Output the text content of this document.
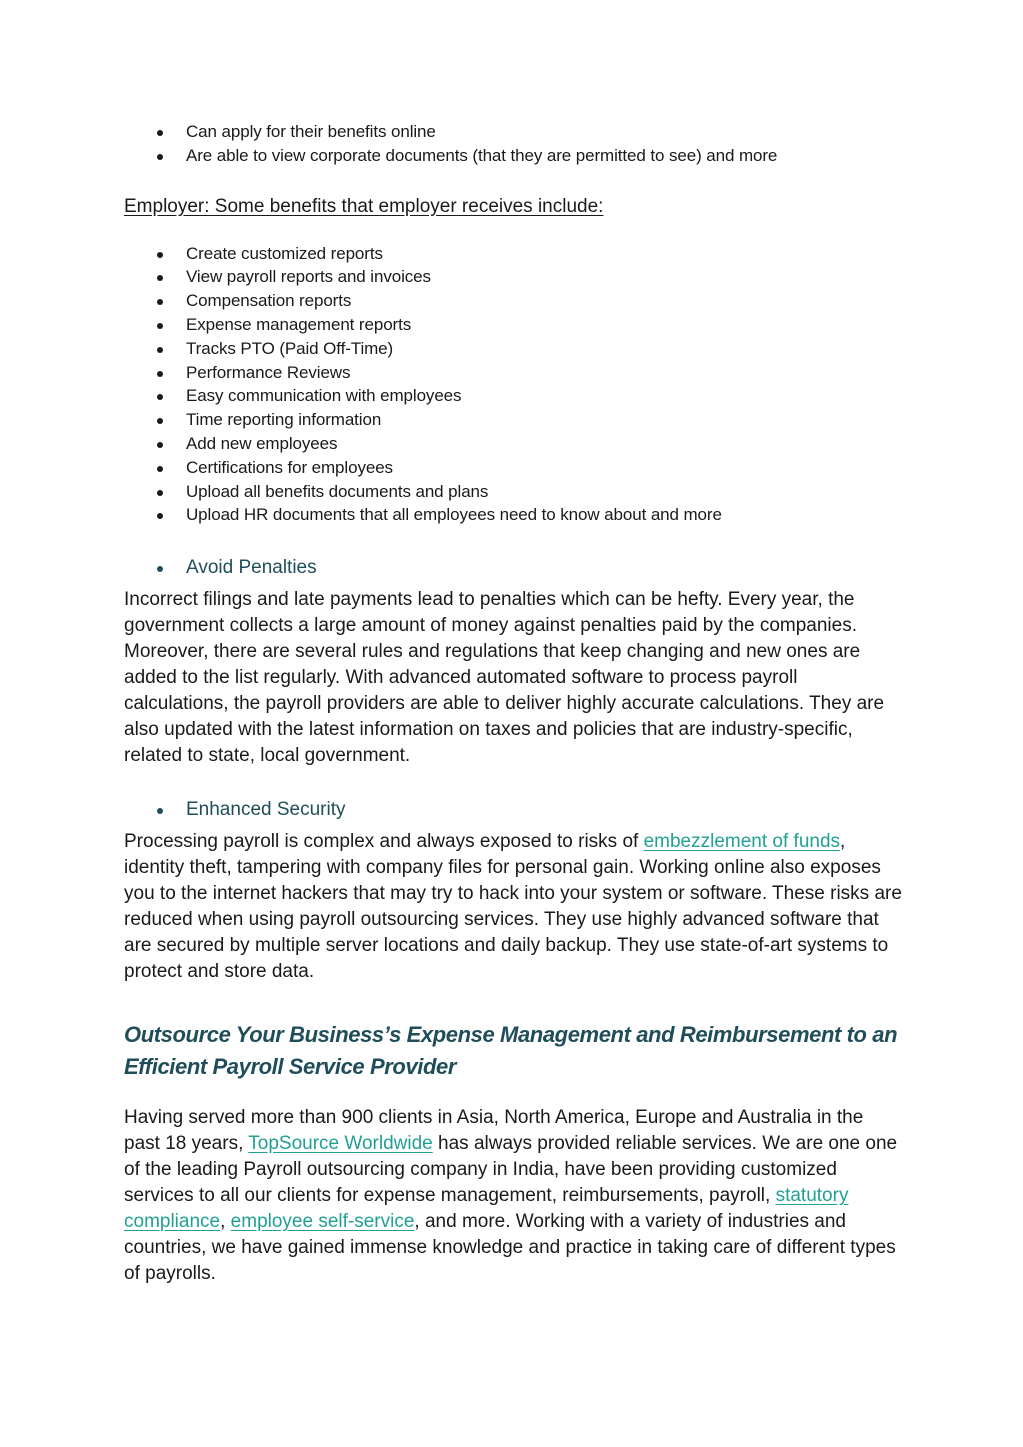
Can apply for their benefits online
Are able to view corporate documents (that they are permitted to see) and more
Employer: Some benefits that employer receives include:
Create customized reports
View payroll reports and invoices
Compensation reports
Expense management reports
Tracks PTO (Paid Off-Time)
Performance Reviews
Easy communication with employees
Time reporting information
Add new employees
Certifications for employees
Upload all benefits documents and plans
Upload HR documents that all employees need to know about and more
Avoid Penalties

Incorrect filings and late payments lead to penalties which can be hefty. Every year, the government collects a large amount of money against penalties paid by the companies. Moreover, there are several rules and regulations that keep changing and new ones are added to the list regularly. With advanced automated software to process payroll calculations, the payroll providers are able to deliver highly accurate calculations. They are also updated with the latest information on taxes and policies that are industry-specific, related to state, local government.

Enhanced Security

Processing payroll is complex and always exposed to risks of embezzlement of funds, identity theft, tampering with company files for personal gain. Working online also exposes you to the internet hackers that may try to hack into your system or software. These risks are reduced when using payroll outsourcing services. They use highly advanced software that are secured by multiple server locations and daily backup. They use state-of-art systems to protect and store data.

Outsource Your Business’s Expense Management and Reimbursement to an Efficient Payroll Service Provider

Having served more than 900 clients in Asia, North America, Europe and Australia in the past 18 years, TopSource Worldwide has always provided reliable services. We are one one of the leading Payroll outsourcing company in India, have been providing customized services to all our clients for expense management, reimbursements, payroll, statutory compliance, employee self-service, and more. Working with a variety of industries and countries, we have gained immense knowledge and practice in taking care of different types of payrolls.
